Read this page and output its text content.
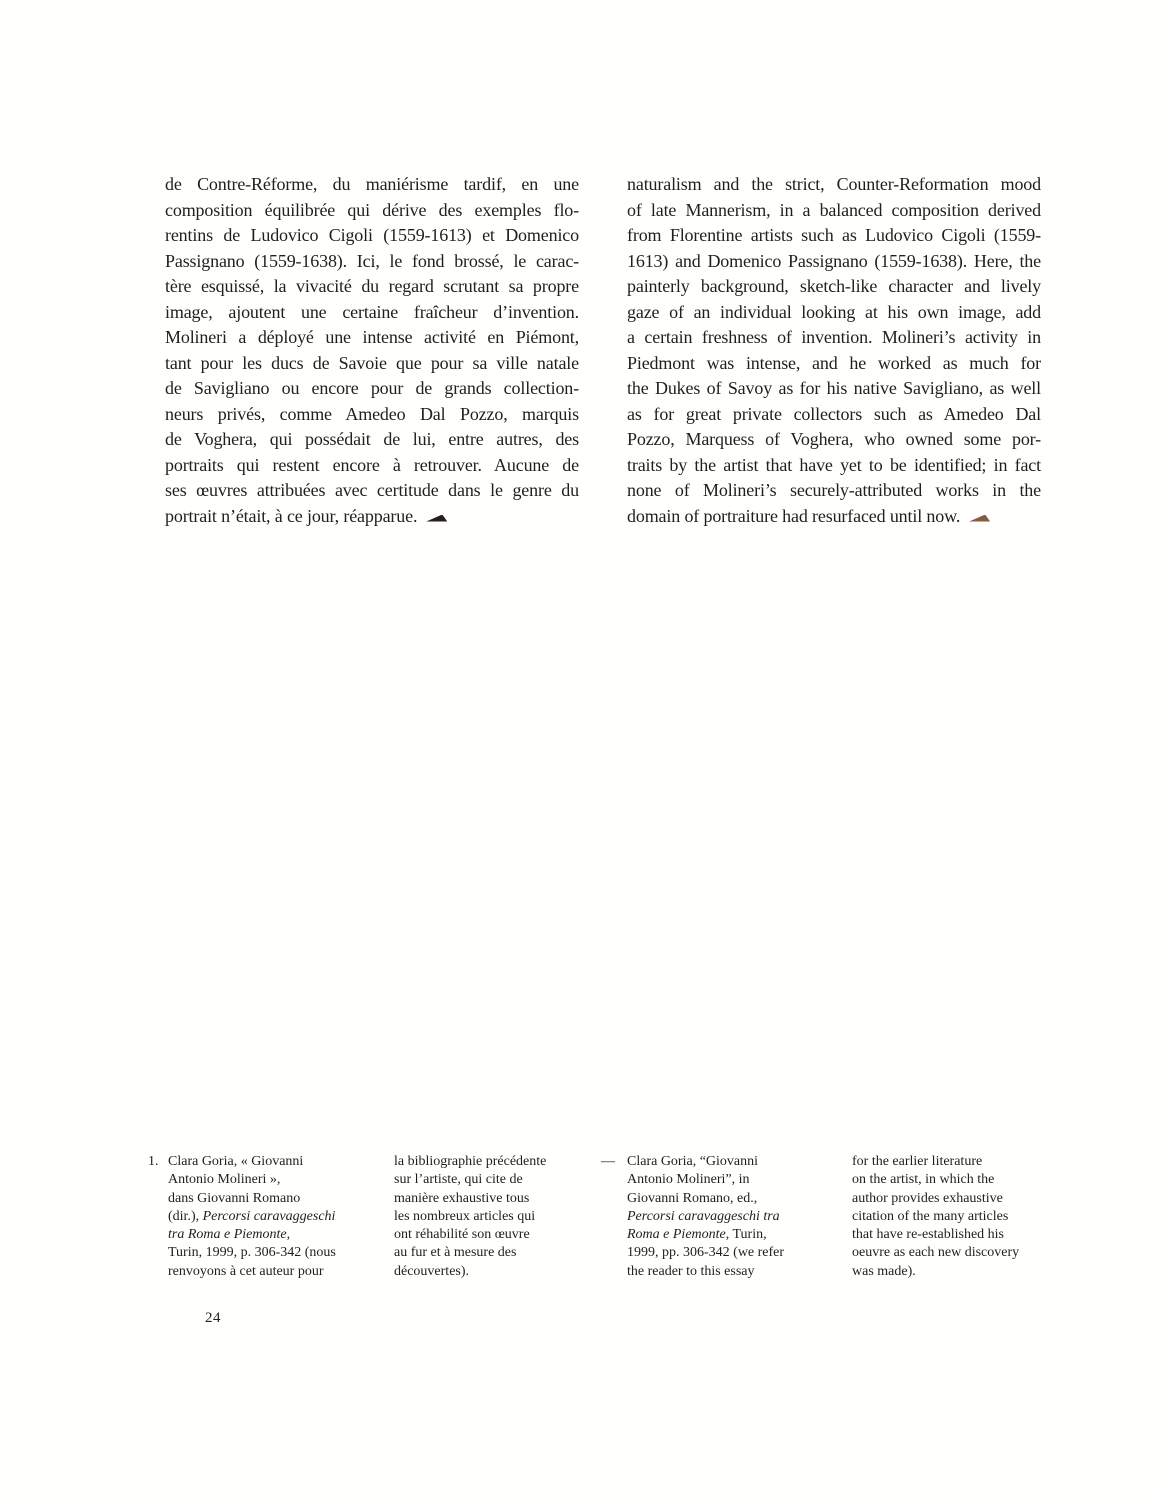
de Contre-Réforme, du maniérisme tardif, en une
composition équilibrée qui dérive des exemples flo-
rentins de Ludovico Cigoli (1559-1613) et Domenico
Passignano (1559-1638). Ici, le fond brossé, le carac-
tère esquissé, la vivacité du regard scrutant sa propre
image, ajoutent une certaine fraîcheur d’invention.
Molineri a déployé une intense activité en Piémont,
tant pour les ducs de Savoie que pour sa ville natale
de Savigliano ou encore pour de grands collection-
neurs privés, comme Amedeo Dal Pozzo, marquis
de Voghera, qui possédait de lui, entre autres, des
portraits qui restent encore à retrouver. Aucune de
ses œuvres attribuées avec certitude dans le genre du
portrait n’était, à ce jour, réapparue.
naturalism and the strict, Counter-Reformation mood
of late Mannerism, in a balanced composition derived
from Florentine artists such as Ludovico Cigoli (1559-
1613) and Domenico Passignano (1559-1638). Here, the
painterly background, sketch-like character and lively
gaze of an individual looking at his own image, add
a certain freshness of invention. Molineri’s activity in
Piedmont was intense, and he worked as much for
the Dukes of Savoy as for his native Savigliano, as well
as for great private collectors such as Amedeo Dal
Pozzo, Marquess of Voghera, who owned some por-
traits by the artist that have yet to be identified; in fact
none of Molineri’s securely-attributed works in the
domain of portraiture had resurfaced until now.
1. Clara Goria, « Giovanni
Antonio Molineri »,
dans Giovanni Romano
(dir.), Percorsi caravaggeschi
tra Roma e Piemonte,
Turin, 1999, p. 306-342 (nous
renvoyons à cet auteur pour
la bibliographie précédente
sur l’artiste, qui cite de
manière exhaustive tous
les nombreux articles qui
ont réhabilité son œuvre
au fur et à mesure des
découvertes).
— Clara Goria, “Giovanni
Antonio Molineri”, in
Giovanni Romano, ed.,
Percorsi caravaggeschi tra
Roma e Piemonte, Turin,
1999, pp. 306-342 (we refer
the reader to this essay
for the earlier literature
on the artist, in which the
author provides exhaustive
citation of the many articles
that have re-established his
oeuvre as each new discovery
was made).
24
